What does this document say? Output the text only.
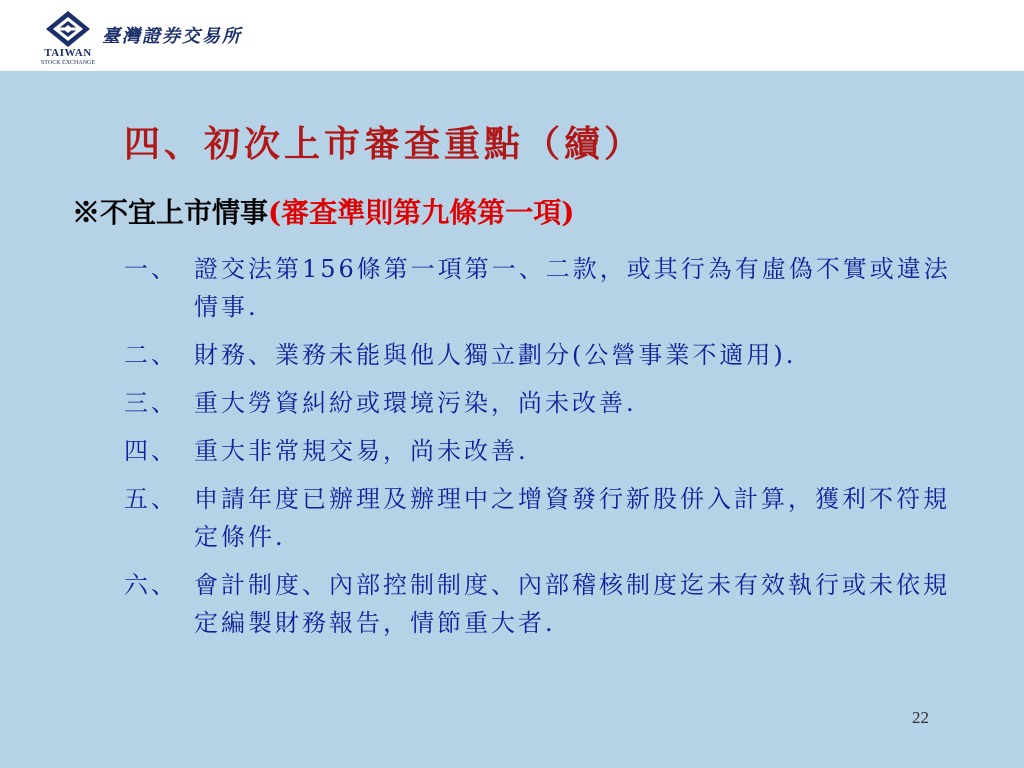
TAIWAN
STOCK EXCHANGE
臺灣證券交易所
四、初次上市審查重點（續）
※不宜上市情事(審查準則第九條第一項)
一、 證交法第156條第一項第一、二款，或其行為有虛偽不實或違法情事.
二、 財務、業務未能與他人獨立劃分(公營事業不適用).
三、 重大勞資糾紛或環境污染，尚未改善.
四、 重大非常規交易，尚未改善.
五、 申請年度已辦理及辦理中之增資發行新股併入計算，獲利不符規定條件.
六、 會計制度、內部控制制度、內部稽核制度迄未有效執行或未依規定編製財務報告，情節重大者.
22
